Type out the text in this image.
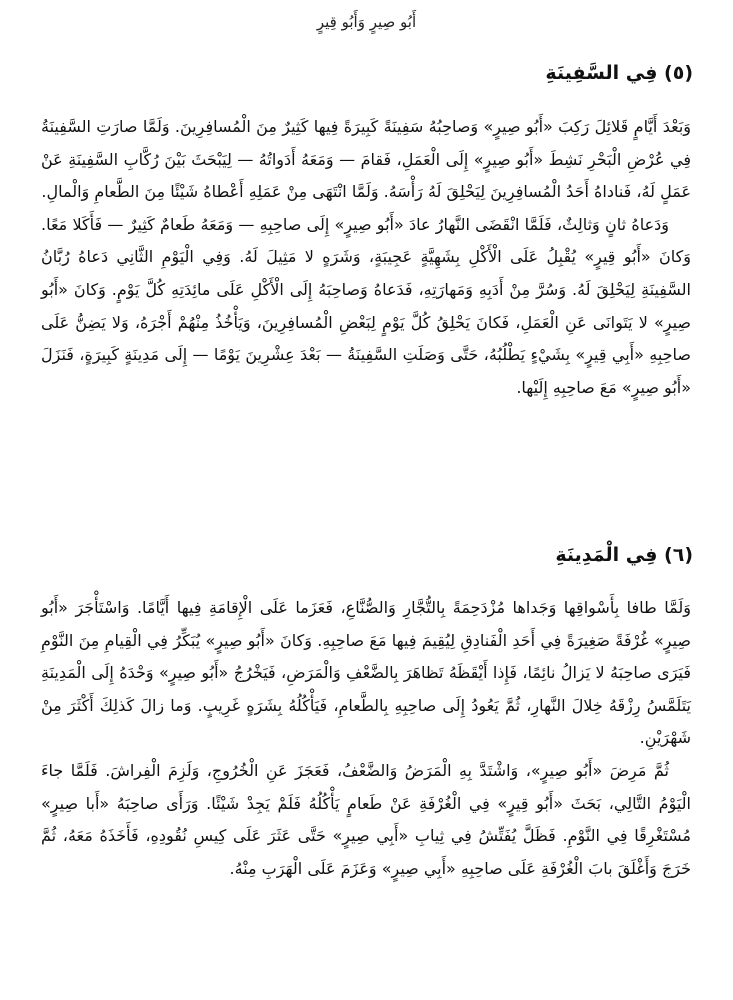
أَبُو صِيرٍ وَأَبُو قِيرٍ
(٥) فِي السَّفِينَةِ

وَبَعْدَ أَيَّامٍ قَلائِلَ رَكِبَ «أَبُو صِيرٍ» وَصاحِبُهُ سَفِينَةً كَبِيرَةً فِيها كَثِيرٌ مِنَ الْمُسافِرِينَ. وَلَمَّا صارَتِ السَّفِينَةُ فِي عُرْضِ الْبَحْرِ نَشِطَ «أَبُو صِيرٍ» إِلَى الْعَمَلِ، فَقامَ — وَمَعَهُ أَدَواتُهُ — لِيَبْحَثَ بَيْنَ رُكَّابِ السَّفِينَةِ عَنْ عَمَلٍ لَهُ، فَناداهُ أَحَدُ الْمُسافِرِينَ لِيَحْلِقَ لَهُ رَأْسَهُ. وَلَمَّا انْتَهَى مِنْ عَمَلِهِ أَعْطاهُ شَيْئًا مِنَ الطَّعامِ وَالْمالِ.

وَدَعاهُ ثانٍ وَثالِثٌ، فَلَمَّا انْقَضَى النَّهارُ عادَ «أَبُو صِيرٍ» إِلَى صاحِبِهِ — وَمَعَهُ طَعامٌ كَثِيرٌ — فَأَكَلا مَعًا. وَكانَ «أَبُو قِيرٍ» يُقْبِلُ عَلَى الْأَكْلِ بِشَهِيَّةٍ عَجِيبَةٍ، وَشَرَهٍ لا مَثِيلَ لَهُ. وَفِي الْيَوْمِ الثَّانِي دَعاهُ رُبَّانُ السَّفِينَةِ لِيَحْلِقَ لَهُ. وَسُرَّ مِنْ أَدَبِهِ وَمَهارَتِهِ، فَدَعاهُ وَصاحِبَهُ إِلَى الْأَكْلِ عَلَى مائِدَتِهِ كُلَّ يَوْمٍ. وَكانَ «أَبُو صِيرٍ» لا يَتَوانَى عَنِ الْعَمَلِ، فَكانَ يَحْلِقُ كُلَّ يَوْمٍ لِبَعْضِ الْمُسافِرِينَ، وَيَأْخُذُ مِنْهُمْ أَجْرَهُ، وَلا يَضِنُّ عَلَى صاحِبِهِ «أَبِي قِيرٍ» بِشَيْءٍ يَطْلُبُهُ، حَتَّى وَصَلَتِ السَّفِينَةُ — بَعْدَ عِشْرِينَ يَوْمًا — إِلَى مَدِينَةٍ كَبِيرَةٍ، فَنَزَلَ «أَبُو صِيرٍ» مَعَ صاحِبِهِ إِلَيْها.

(٦) فِي الْمَدِينَةِ

وَلَمَّا طافا بِأَسْواقِها وَجَداها مُزْدَحِمَةً بِالتُّجَّارِ وَالصُّنَّاعِ، فَعَزَما عَلَى الْإِقامَةِ فِيها أَيَّامًا. وَاسْتَأْجَرَ «أَبُو صِيرٍ» غُرْفَةً صَغِيرَةً فِي أَحَدِ الْفَنادِقِ لِيُقِيمَ فِيها مَعَ صاحِبِهِ. وَكانَ «أَبُو صِيرٍ» يُبَكِّرُ فِي الْقِيامِ مِنَ النَّوْمِ فَيَرَى صاحِبَهُ لا يَزالُ نائِمًا، فَإِذا أَيْقَظَهُ تَظاهَرَ بِالضَّعْفِ وَالْمَرَضِ، فَيَخْرُجُ «أَبُو صِيرٍ» وَحْدَهُ إِلَى الْمَدِينَةِ يَتَلَمَّسُ رِزْقَهُ خِلالَ النَّهارِ، ثُمَّ يَعُودُ إِلَى صاحِبِهِ بِالطَّعامِ، فَيَأْكُلُهُ بِشَرَهٍ غَرِيبٍ. وَما زالَ كَذلِكَ أَكْثَرَ مِنْ شَهْرَيْنِ.

ثُمَّ مَرِضَ «أَبُو صِيرٍ»، وَاشْتَدَّ بِهِ الْمَرَضُ وَالضَّعْفُ، فَعَجَزَ عَنِ الْخُرُوجِ، وَلَزِمَ الْفِراشَ. فَلَمَّا جاءَ الْيَوْمُ التَّالِي، بَحَثَ «أَبُو قِيرٍ» فِي الْغُرْفَةِ عَنْ طَعامٍ يَأْكُلُهُ فَلَمْ يَجِدْ شَيْئًا. وَرَأَى صاحِبَهُ «أَبا صِيرٍ» مُسْتَغْرِقًا فِي النَّوْمِ. فَظَلَّ يُفَتِّشُ فِي ثِيابِ «أَبِي صِيرٍ» حَتَّى عَثَرَ عَلَى كِيسِ نُقُودِهِ، فَأَخَذَهُ مَعَهُ، ثُمَّ خَرَجَ وَأَغْلَقَ بابَ الْغُرْفَةِ عَلَى صاحِبِهِ «أَبِي صِيرٍ» وَعَزَمَ عَلَى الْهَرَبِ مِنْهُ.
